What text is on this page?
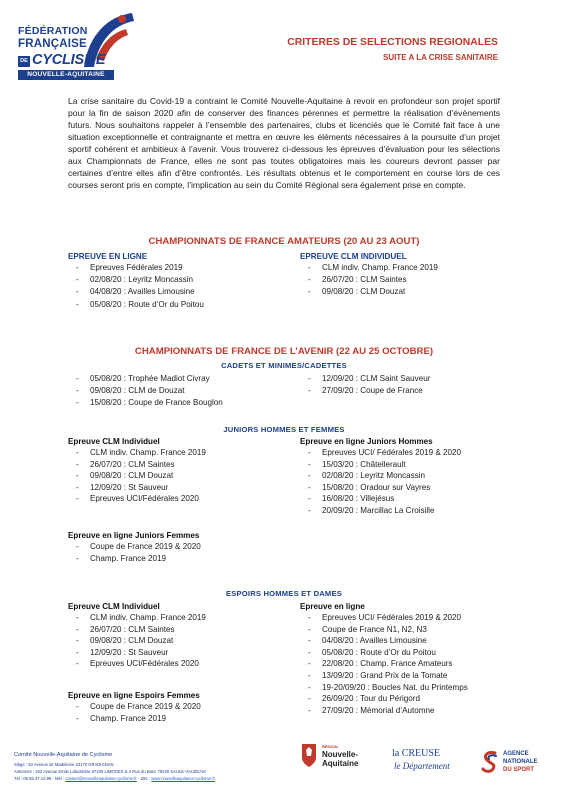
FÉDÉRATION
FRANÇAISE
DE CYCLISME
NOUVELLE-AQUITAINE
CRITERES DE SELECTIONS REGIONALES
SUITE A LA CRISE SANITAIRE

La crise sanitaire du Covid-19 a contraint le Comité Nouvelle-Aquitaine à revoir en profondeur son projet sportif pour la fin de saison 2020 afin de conserver des finances pérennes et permettre la réalisation d’évènements futurs. Nous souhaitons rappeler à l’ensemble des partenaires, clubs et licenciés que le Comité fait face à une situation exceptionnelle et contraignante et mettra en œuvre les éléments nécessaires à la poursuite d’un projet sportif cohérent et ambitieux à l’avenir. Vous trouverez ci-dessous les épreuves d’évaluation pour les sélections aux Championnats de France, elles ne sont pas toutes obligatoires mais les coureurs devront passer par certaines d’entre elles afin d’être confrontés. Les résultats obtenus et le comportement en course lors de ces courses seront pris en compte, l’implication au sein du Comité Régional sera également prise en compte.

CHAMPIONNATS DE FRANCE AMATEURS (20 AU 23 AOUT)
EPREUVE EN LIGNE
- Epreuves Fédérales 2019
- 02/08/20 : Leyritz Moncassin
- 04/08/20 : Availles Limousine
- 05/08/20 : Route d’Or du Poitou
EPREUVE CLM INDIVIDUEL
- CLM indiv. Champ. France 2019
- 26/07/20 : CLM Saintes
- 09/08/20 : CLM Douzat
CHAMPIONNATS DE FRANCE DE L’AVENIR (22 AU 25 OCTOBRE)
CADETS ET MINIMES/CADETTES
- 05/08/20 : Trophée Madiot Civray
- 09/08/20 : CLM de Douzat
- 15/08/20 : Coupe de France Bouglon
- 12/09/20 : CLM Saint Sauveur
- 27/09/20 : Coupe de France
JUNIORS HOMMES ET FEMMES
Epreuve CLM Individuel
- CLM indiv. Champ. France 2019
- 26/07/20 : CLM Saintes
- 09/08/20 : CLM Douzat
- 12/09/20 : St Sauveur
- Epreuves UCI/Fédérales 2020
Epreuve en ligne Juniors Hommes
- Epreuves UCI/ Fédérales 2019 & 2020
- 15/03/20 : Châtellerault
- 02/08/20 : Leyritz Moncassin
- 15/08/20 : Oradour sur Vayres
- 16/08/20 : Villejésus
- 20/09/20 : Marcillac La Croisille
Epreuve en ligne Juniors Femmes
- Coupe de France 2019 & 2020
- Champ. France 2019
ESPOIRS HOMMES ET DAMES
Epreuve CLM Individuel
- CLM indiv. Champ. France 2019
- 26/07/20 : CLM Saintes
- 09/08/20 : CLM Douzat
- 12/09/20 : St Sauveur
- Epreuves UCI/Fédérales 2020
Epreuve en ligne
- Epreuves UCI/ Fédérales 2019 & 2020
- Coupe de France N1, N2, N3
- 04/08/20 : Availles Limousine
- 05/08/20 : Route d’Or du Poitou
- 22/08/20 : Champ. France Amateurs
- 13/09/20 : Grand Prix de la Tomate
- 19-20/09/20 : Boucles Nat. du Printemps
- 26/09/20 : Tour du Périgord
- 27/09/20 : Mémorial d’Automne
Epreuve en ligne Espoirs Femmes
- Coupe de France 2019 & 2020
- Champ. France 2019
Comité Nouvelle-Aquitaine de Cyclisme
Siège : 53 Avenue de Madeleine 33170 GRADIGNAN
Antennes : 162 Avenue Emile Labussière 87100 LIMOGES & 4 Rue du Banc 79230 SAULE-VAUZEAIS
Tél : 05.56.47.10.99 - Mél : contact@nouvelleaquitaine-cyclisme.fr - Site : www.nouvelleaquitaine-cyclisme.fr
RÉGION
Nouvelle-
Aquitaine
la CREUSE
le Département
AGENCE
NATIONALE
DU SPORT
